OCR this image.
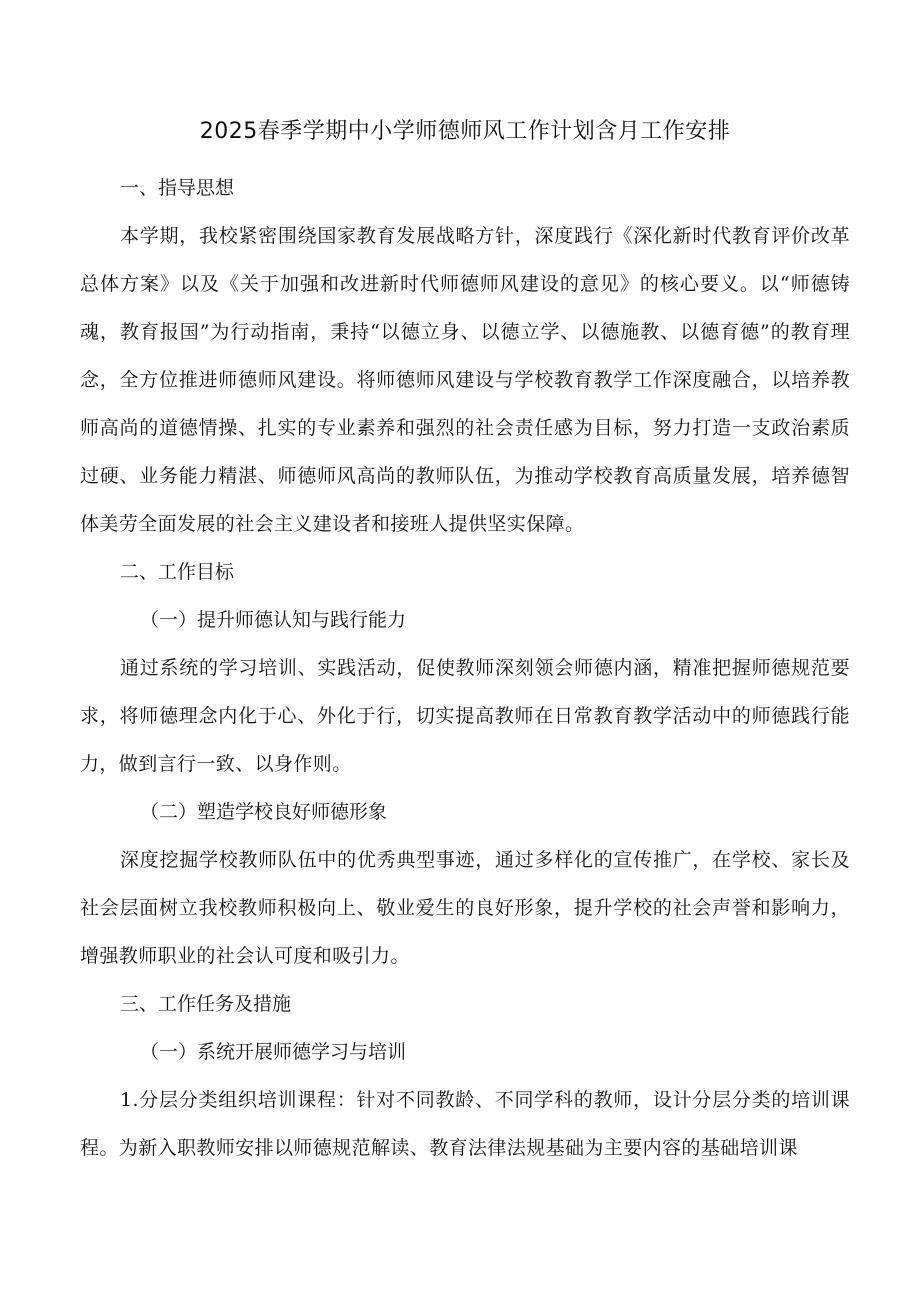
2025春季学期中小学师德师风工作计划含月工作安排
一、指导思想
本学期，我校紧密围绕国家教育发展战略方针，深度践行《深化新时代教育评价改革总体方案》以及《关于加强和改进新时代师德师风建设的意见》的核心要义。以“师德铸魂，教育报国”为行动指南，秉持“以德立身、以德立学、以德施教、以德育德”的教育理念，全方位推进师德师风建设。将师德师风建设与学校教育教学工作深度融合，以培养教师高尚的道德情操、扎实的专业素养和强烈的社会责任感为目标，努力打造一支政治素质过硬、业务能力精湛、师德师风高尚的教师队伍，为推动学校教育高质量发展，培养德智体美劳全面发展的社会主义建设者和接班人提供坚实保障。
二、工作目标
（一）提升师德认知与践行能力
通过系统的学习培训、实践活动，促使教师深刻领会师德内涵，精准把握师德规范要求，将师德理念内化于心、外化于行，切实提高教师在日常教育教学活动中的师德践行能力，做到言行一致、以身作则。
（二）塑造学校良好师德形象
深度挖掘学校教师队伍中的优秀典型事迹，通过多样化的宣传推广，在学校、家长及社会层面树立我校教师积极向上、敬业爱生的良好形象，提升学校的社会声誉和影响力，增强教师职业的社会认可度和吸引力。
三、工作任务及措施
（一）系统开展师德学习与培训
1.分层分类组织培训课程：针对不同教龄、不同学科的教师，设计分层分类的培训课程。为新入职教师安排以师德规范解读、教育法律法规基础为主要内容的基础培训课
